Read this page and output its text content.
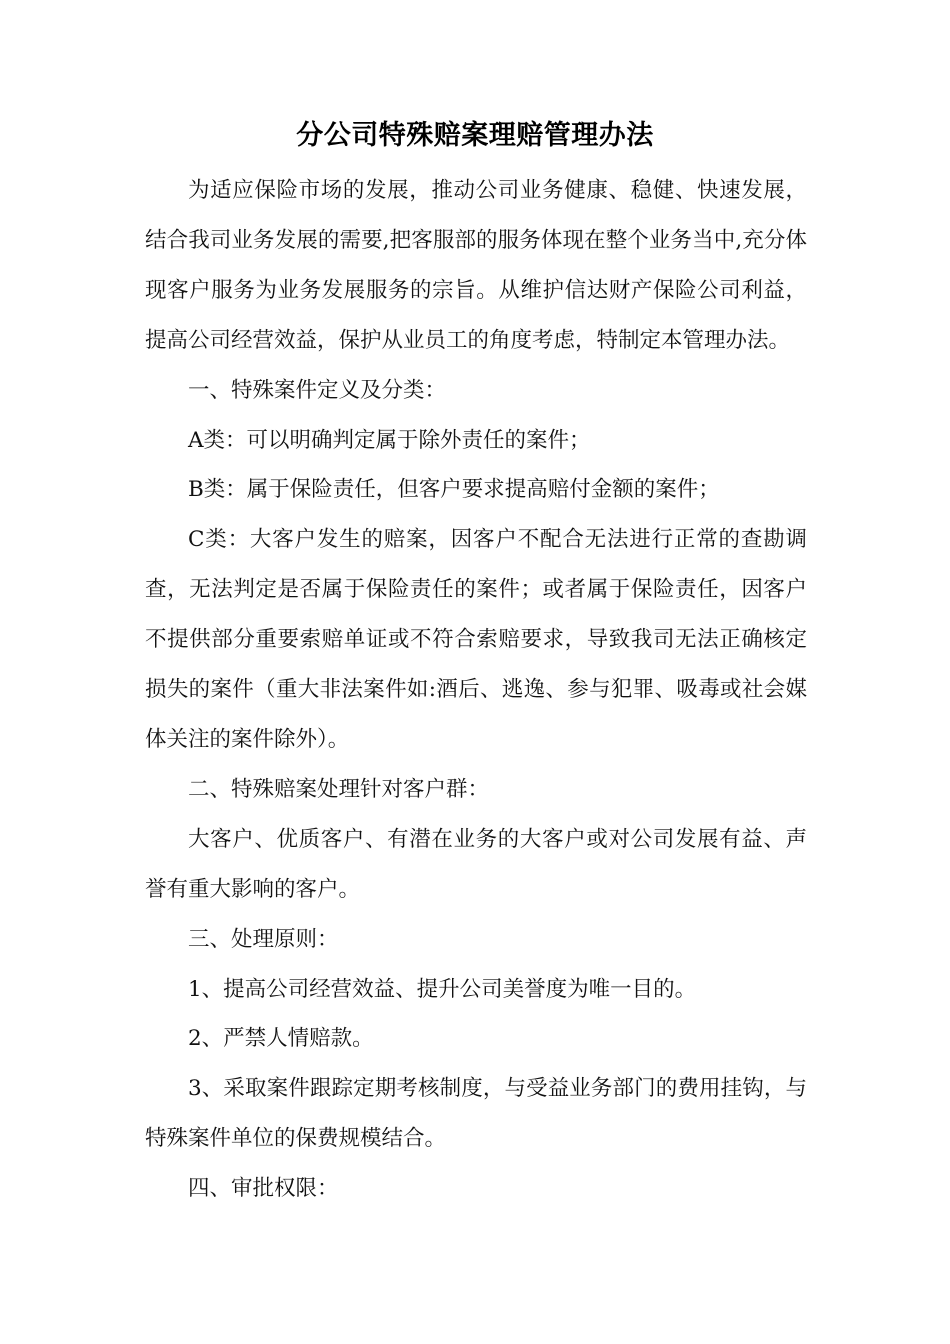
分公司特殊赔案理赔管理办法

为适应保险市场的发展，推动公司业务健康、稳健、快速发展，结合我司业务发展的需要,把客服部的服务体现在整个业务当中,充分体现客户服务为业务发展服务的宗旨。从维护信达财产保险公司利益，提高公司经营效益，保护从业员工的角度考虑，特制定本管理办法。

一、特殊案件定义及分类：

A类：可以明确判定属于除外责任的案件；

B类：属于保险责任，但客户要求提高赔付金额的案件；

C类：大客户发生的赔案，因客户不配合无法进行正常的查勘调查，无法判定是否属于保险责任的案件；或者属于保险责任，因客户不提供部分重要索赔单证或不符合索赔要求，导致我司无法正确核定损失的案件（重大非法案件如:酒后、逃逸、参与犯罪、吸毒或社会媒体关注的案件除外）。

二、特殊赔案处理针对客户群：

大客户、优质客户、有潜在业务的大客户或对公司发展有益、声誉有重大影响的客户。

三、处理原则：

1、提高公司经营效益、提升公司美誉度为唯一目的。

2、严禁人情赔款。

3、采取案件跟踪定期考核制度，与受益业务部门的费用挂钩，与特殊案件单位的保费规模结合。

四、审批权限：
